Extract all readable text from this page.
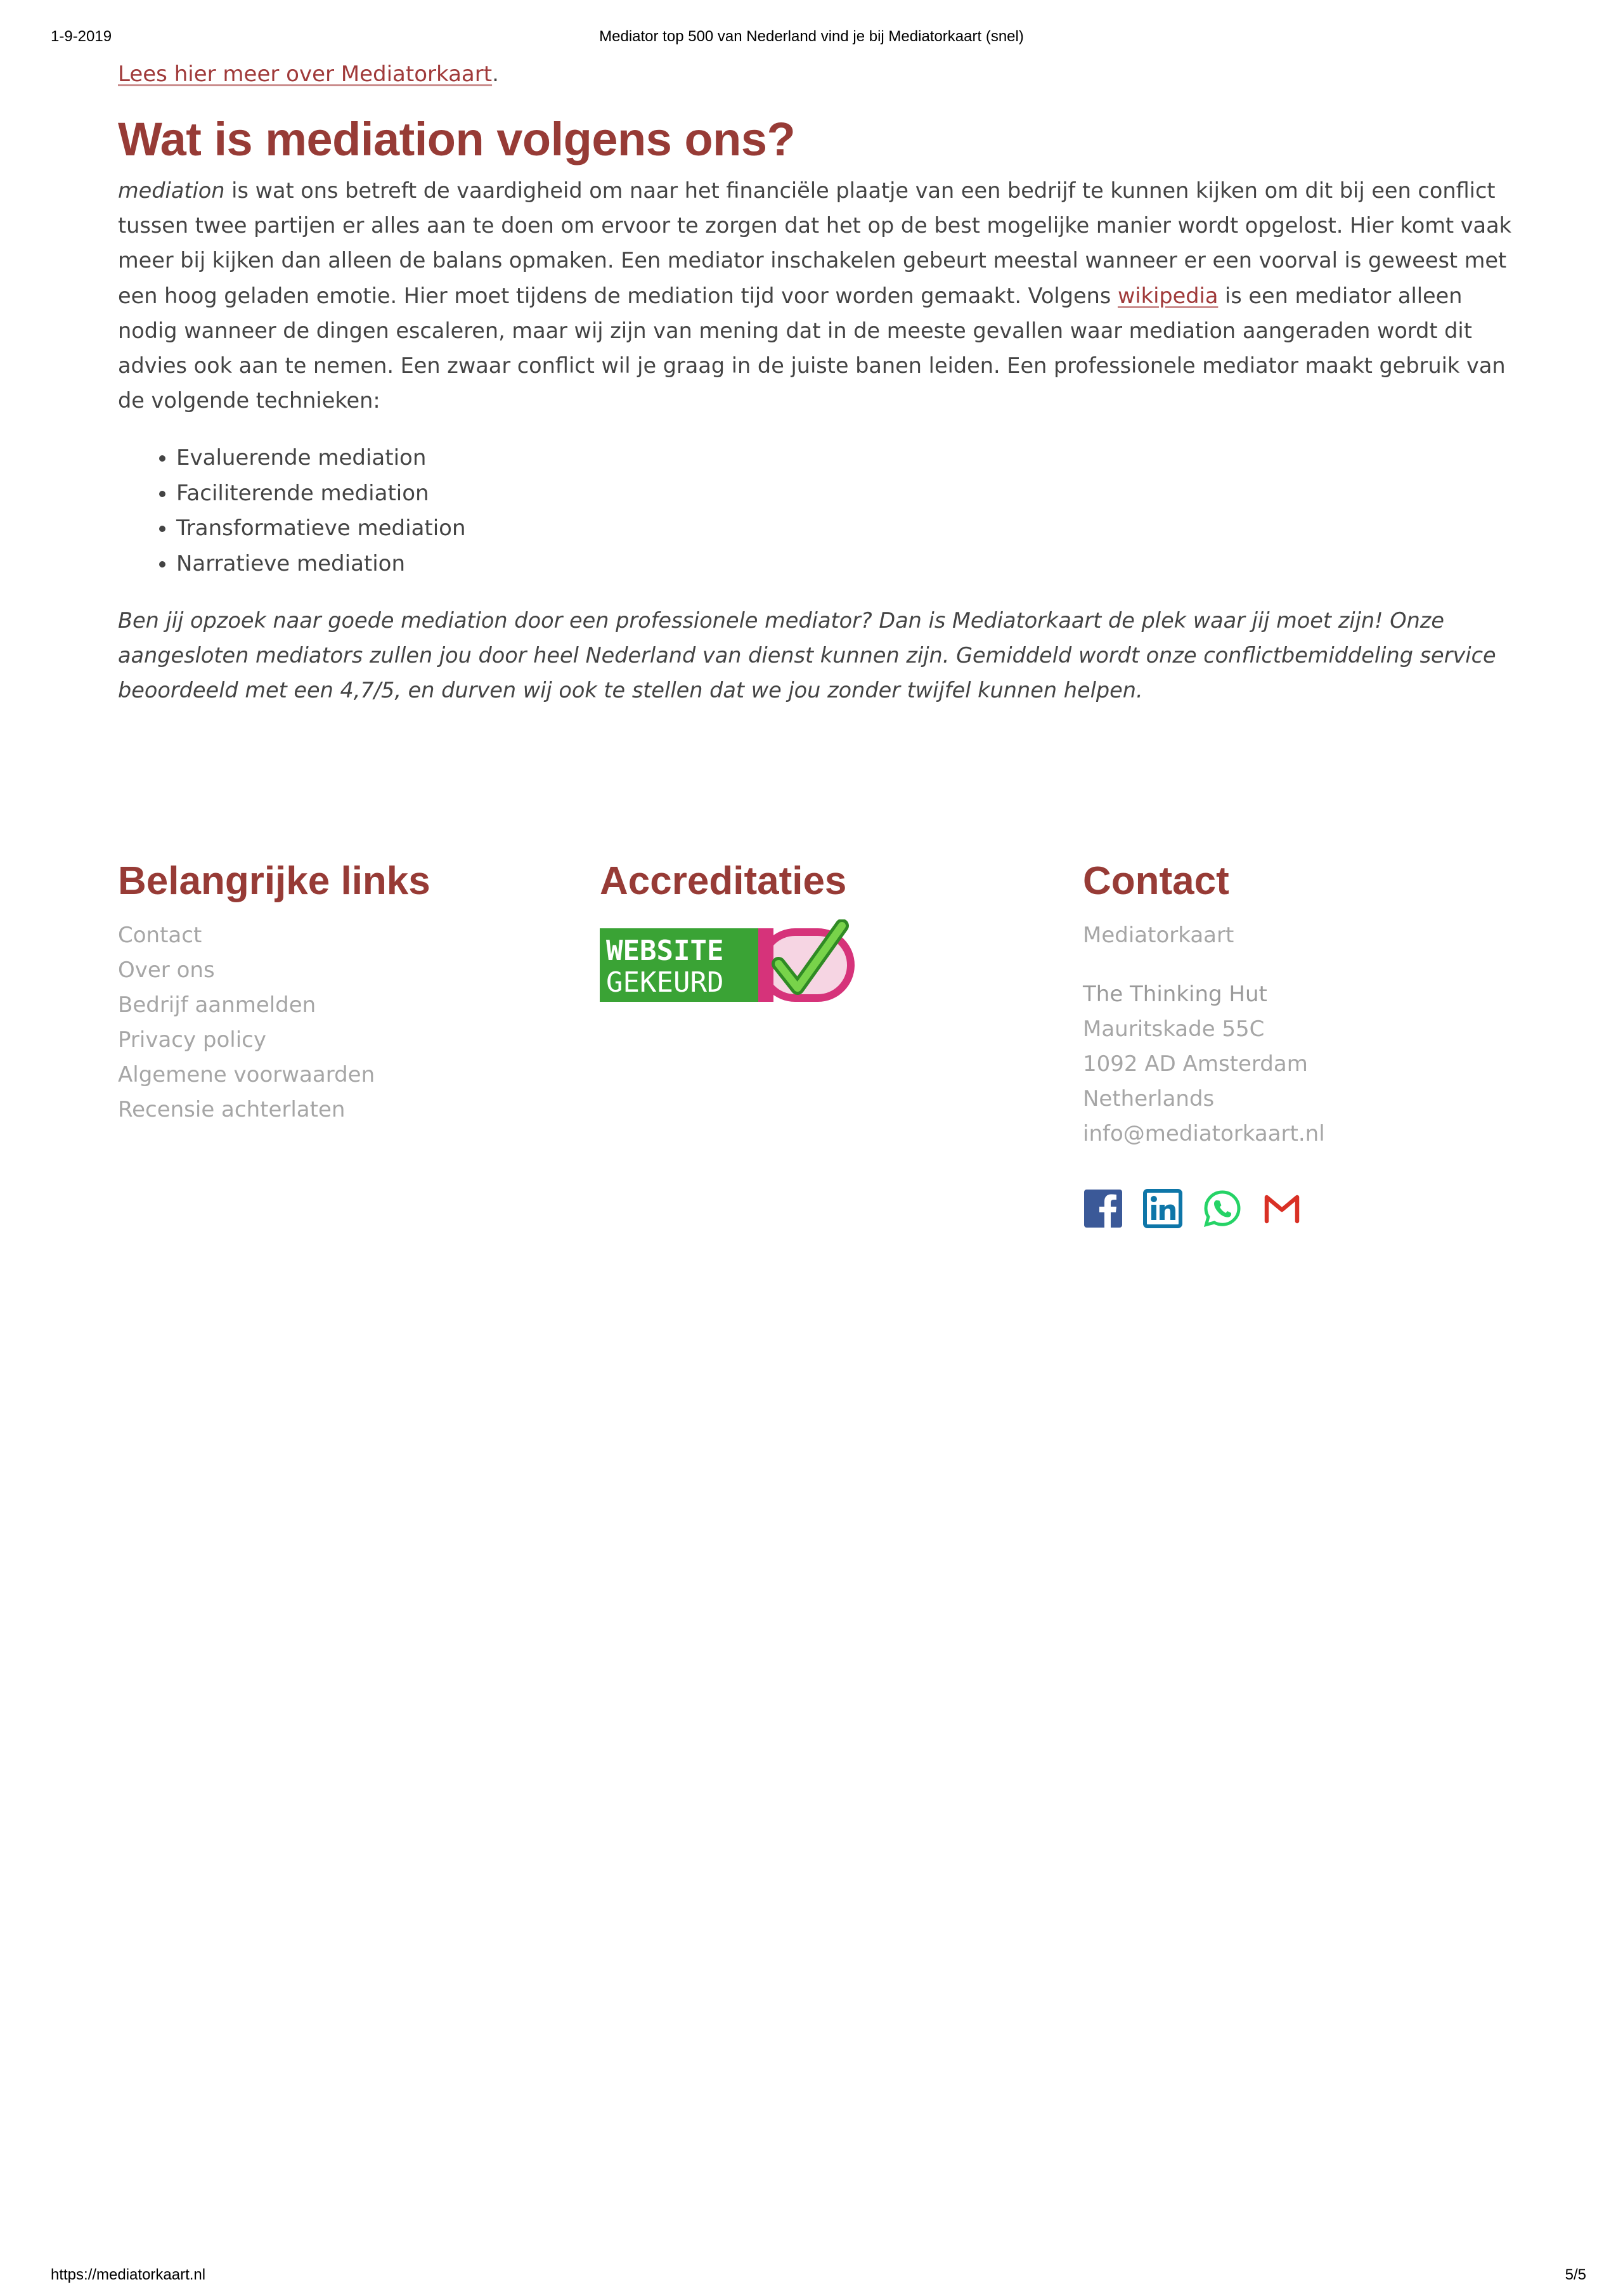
1-9-2019	Mediator top 500 van Nederland vind je bij Mediatorkaart (snel)

Lees hier meer over Mediatorkaart.

Wat is mediation volgens ons?

mediation is wat ons betreft de vaardigheid om naar het financiële plaatje van een bedrijf te kunnen kijken om dit bij een conflict tussen twee partijen er alles aan te doen om ervoor te zorgen dat het op de best mogelijke manier wordt opgelost. Hier komt vaak meer bij kijken dan alleen de balans opmaken. Een mediator inschakelen gebeurt meestal wanneer er een voorval is geweest met een hoog geladen emotie. Hier moet tijdens de mediation tijd voor worden gemaakt. Volgens wikipedia is een mediator alleen nodig wanneer de dingen escaleren, maar wij zijn van mening dat in de meeste gevallen waar mediation aangeraden wordt dit advies ook aan te nemen. Een zwaar conflict wil je graag in de juiste banen leiden. Een professionele mediator maakt gebruik van de volgende technieken:

• Evaluerende mediation
• Faciliterende mediation
• Transformatieve mediation
• Narratieve mediation

Ben jij opzoek naar goede mediation door een professionele mediator? Dan is Mediatorkaart de plek waar jij moet zijn! Onze aangesloten mediators zullen jou door heel Nederland van dienst kunnen zijn. Gemiddeld wordt onze conflictbemiddeling service beoordeeld met een 4,7/5, en durven wij ook te stellen dat we jou zonder twijfel kunnen helpen.

Belangrijke links
Contact
Over ons
Bedrijf aanmelden
Privacy policy
Algemene voorwaarden
Recensie achterlaten
Accreditaties
WEBSITE
GEKEURD
Contact

Mediatorkaart

The Thinking Hut

Mauritskade 55C

1092 AD Amsterdam

Netherlands

info@mediatorkaart.nl

https://mediatorkaart.nl	5/5
